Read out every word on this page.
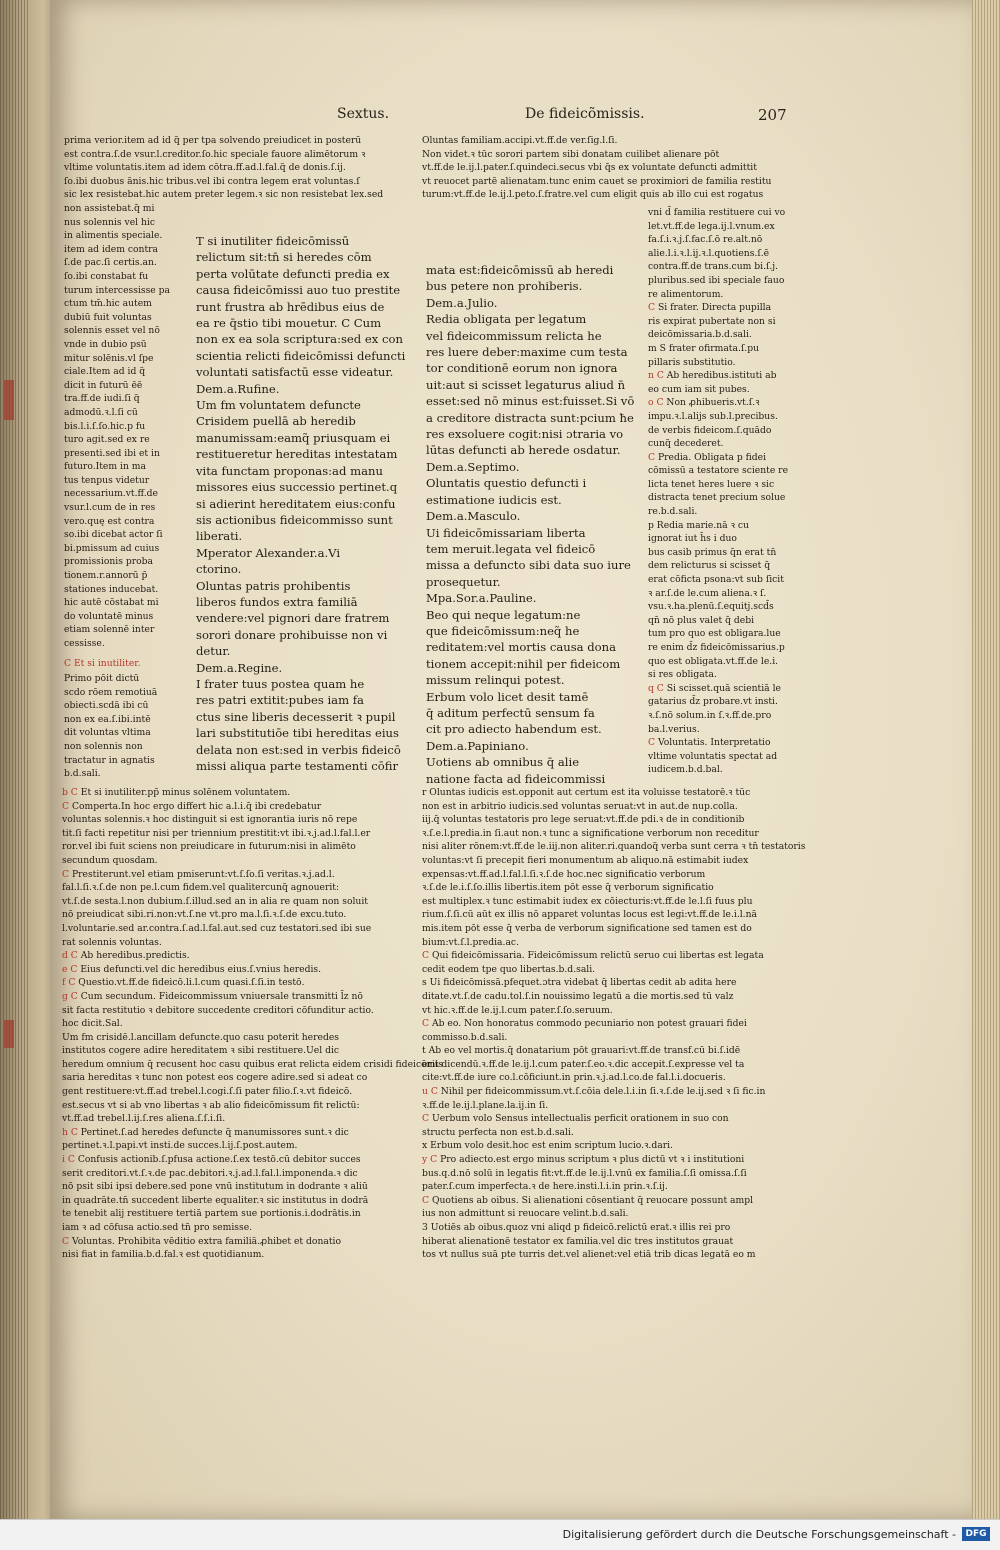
Sextus.	De fideicõmissis.	207

prima verior.item ad id q̃ per tpa solvendo preiudicet in posterū

est contra.ſ.de vsur.l.creditor.ſo.hic speciale fauore alimētorum ꝛ

vltime voluntatis.item ad idem cōtra.ff.ad.l.fal.q̃ de donis.ſ.ij.

ſo.ibi duobus ānis.hic tribus.vel ibi contra legem erat voluntas.ſ

sic lex resistebat.hic autem preter legem.ꝛ sic non resistebat lex.sed

non assistebat.q̄ mi

nus solennis vel hic

in alimentis speciale.

item ad idem contra

ſ.de pac.ſi certis.an.

ſo.ibi constabat fu

turum intercessisse pa

ctum tm̄.hic autem

dubiū fuit voluntas

solennis esset vel nō

vnde in dubio psū

mitur solēnis.vl ſpe

ciale.Item ad id q̃

dicit in futurū ēē

tra.ff.de iudi.ſi q̃

admodū.ꝛ.l.ſi cū

bis.l.i.ſ.ſo.hic.p fu

turo agit.sed ex re

presenti.sed ibi et in

futuro.Item in ma

tus tenpus videtur

necessarium.vt.ff.de

vsur.l.cum de in res

vero.quę est contra

so.ibi dicebat actor ſi

bi.pmissum ad cuius

promissionis proba

tionem.r.annorū p̄

stationes inducebat.

hic autē cōstabat mi

do voluntatē minus

etiam solennē inter

cessisse.

C Et si inutiliter.

Primo pōit dictū

scdo rōem remotiuā

obiecti.scdā ibi cū

non ex ea.ſ.ibi.intē

dit voluntas vltima

non solennis non

tractatur in agnatis

b.d.sali.

T si inutiliter fideicōmissū

relictum sit:tn̄ si heredes cōm

perta volūtate defuncti predia ex

causa fideicōmissi auo tuo prestite

runt frustra ab hrēdibus eius de

ea re q̄stio tibi mouetur. C Cum

non ex ea sola scriptura:sed ex con

scientia relicti fideicōmissi defuncti

voluntati satisfactū esse videatur.

Dem.a.Rufine.

Um fm voluntatem defuncte

Crisidem puellā ab heredib

manumissam:eamq̃ priusquam ei

restitueretur hereditas intestatam

vita functam proponas:ad manu

missores eius successio pertinet.q

si adierint hereditatem eius:confu

sis actionibus fideicommisso sunt

liberati.

Mperator Alexander.a.Vi

ctorino.

Oluntas patris prohibentis

liberos fundos extra familiā

vendere:vel pignori dare fratrem

sorori donare prohibuisse non vi

detur.

Dem.a.Regine.

I frater tuus postea quam he

res patri extitit:pubes iam fa

ctus sine liberis decesserit ꝛ pupil

lari substitutiōe tibi hereditas eius

delata non est:sed in verbis fideicō

missi aliqua parte testamenti cōfir

Oluntas familiam.accipi.vt.ff.de ver.ſig.l.ſi.

Non videt.ꝛ tūc sorori partem sibi donatam cuilibet alienare pōt

vt.ff.de le.ij.l.pater.ſ.quindeci.secus vbi q̄s ex voluntate defuncti admittit

vt reuocet partē alienatam.tunc enim cauet se proximiori de familia restitu

turum:vt.ff.de le.ij.l.peto.ſ.fratre.vel cum eligit quis ab illo cui est rogatus

mata est:fideicōmissū ab heredi

bus petere non prohiberis.

Dem.a.Julio.

Redia obligata per legatum

vel fideicommissum relicta he

res luere deber:maxime cum testa

tor conditionē eorum non ignora

uit:aut si scisset legaturus aliud n̄

esset:sed nō minus est:fuisset.Si vō

a creditore distracta sunt:pcium ħe

res exsoluere cogit:nisi ɔtraria vo

lūtas defuncti ab herede osdatur.

Dem.a.Septimo.

Oluntatis questio defuncti i

estimatione iudicis est.

Dem.a.Masculo.

Ui fideicōmissariam liberta

tem meruit.legata vel fideicō

missa a defuncto sibi data suo iure

prosequetur.

Mpa.Sor.a.Pauline.

Beo qui neque legatum:ne

que fideicōmissum:neq̃ he

reditatem:vel mortis causa dona

tionem accepit:nihil per fideicom

missum relinqui potest.

Erbum volo licet desit tamē

q̄ aditum perfectū sensum fa

cit pro adiecto habendum est.

Dem.a.Papiniano.

Uotiens ab omnibus q̄ alie

natione facta ad fideicommissi

vni d̄ familia restituere cui vo

let.vt.ff.de lega.ij.l.vnum.ex

fa.ſ.i.ꝛ.j.ſ.fac.ſ.ō re.alt.nō

alie.l.i.ꝛ.l.ij.ꝛ.l.quotiens.ſ.ē

contra.ff.de trans.cum bi.ſ.j.

pluribus.sed ibi speciale fauo

re alimentorum.

C Si frater. Directa pupilla

ris expirat pubertate non si

deicōmissaria.b.d.sali.

m S frater ofirmata.ſ.pu

pillaris substitutio.

n C Ab heredibus.istituti ab

eo cum iam sit pubes.

o C Non ꝓhibueris.vt.ſ.ꝛ

impu.ꝛ.l.alijs sub.l.precibus.

de verbis fideicom.ſ.quādo

cunq̃ decederet.

C Predia. Obligata p fidei

cōmissū a testatore sciente re

licta tenet heres luere ꝛ sic

distracta tenet precium solue

re.b.d.sali.

p Redia marie.nā ꝛ cu

ignorat iut h̄s i duo

bus casib primus q̄n erat tn̄

dem relicturus si scisset q̄

erat cōficta psona:vt sub ſicit

ꝛ ar.ſ.de le.cum aliena.ꝛ ſ.

vsu.ꝛ.ha.plenū.ſ.equitj.scd̄s

qn̄ nō plus valet q̄ debi

tum pro quo est obligara.lue

re enim d̄z fideicōmissarius.p

quo est obligata.vt.ff.de le.i.

si res obligata.

q C Si scisset.quā scientiā le

gatarius d̄z probare.vt insti.

ꝛ.ſ.nō solum.in ſ.ꝛ.ff.de.pro

ba.l.verius.

C Voluntatis. Interpretatio

vltime voluntatis spectat ad

iudicem.b.d.bal.

b C Et si inutiliter.pp̄ minus solēnem voluntatem.

C Comperta.In hoc ergo differt hic a.l.i.q̄ ibi credebatur

voluntas solennis.ꝛ hoc distinguit si est ignorantia iuris nō repe

tit.ſi facti repetitur nisi per triennium prestitit:vt ibi.ꝛ.j.ad.l.fal.l.er

ror.vel ibi fuit sciens non preiudicare in futurum:nisi in alimēto

secundum quosdam.

C Prestiterunt.vel etiam pmiserunt:vt.ſ.ſo.ſi veritas.ꝛ.j.ad.l.

fal.l.ſi.ꝛ.ſ.de non pe.l.cum fidem.vel qualitercunq̃ agnouerit:

vt.ſ.de sesta.l.non dubium.ſ.illud.sed an in alia re quam non soluit

nō preiudicat sibi.ri.non:vt.ſ.ne vt.pro ma.l.ſi.ꝛ.ſ.de excu.tuto.

l.voluntarie.sed ar.contra.ſ.ad.l.fal.aut.sed cuz testatori.sed ibi sue

rat solennis voluntas.

d C Ab heredibus.predictis.

e C Eius defuncti.vel dic heredibus eius.ſ.vnius heredis.

f C Questio.vt.ff.de fideicō.li.l.cum quasi.ſ.ſi.in testō.

g C Cum secundum. Fideicommissum vniuersale transmitti l̄z nō

sit facta restitutio ꝛ debitore succedente creditori cōfunditur actio.

hoc dicit.Sal.

Um fm crisidē.l.ancillam defuncte.quo casu poterit heredes

institutos cogere adire hereditatem ꝛ sibi restituere.Uel dic

heredum omnium q̄ recusent hoc casu quibus erat relicta eidem crisidi fideicōmis

saria hereditas ꝛ tunc non potest eos cogere adire.sed si adeat co

gent restituere:vt.ff.ad trebel.l.cogi.ſ.ſi pater filio.ſ.ꝛ.vt fideicō.

est.secus vt si ab vno libertas ꝛ ab alio fideicōmissum fit relictū:

vt.ff.ad trebel.l.ij.ſ.res aliena.ſ.ſ.i.ſi.

h C Pertinet.ſ.ad heredes defuncte q̄ manumissores sunt.ꝛ dic

pertinet.ꝛ.l.papi.vt insti.de succes.l.ij.ſ.post.autem.

i C Confusis actionib.ſ.pfusa actione.ſ.ex testō.cū debitor succes

serit creditori.vt.ſ.ꝛ.de pac.debitori.ꝛ.j.ad.l.fal.l.imponenda.ꝛ dic

nō psit sibi ipsi debere.sed pone vnū institutum in dodrante ꝛ aliū

in quadrāte.tn̄ succedent liberte equaliter.ꝛ sic institutus in dodrā

te tenebit alij restituere tertiā partem sue portionis.i.dodrātis.in

iam ꝛ ad cōfusa actio.sed tn̄ pro semisse.

C Voluntas. Prohibita vēditio extra familiā.ꝓhibet et donatio

nisi fiat in familia.b.d.fal.ꝛ est quotidianum.

r Oluntas iudicis est.opponit aut certum est ita voluisse testatorē.ꝛ tūc

non est in arbitrio iudicis.sed voluntas seruat:vt in aut.de nup.colla.

iij.q̄ voluntas testatoris pro lege seruat:vt.ff.de pdi.ꝛ de in conditionib

ꝛ.ſ.e.l.predia.in ſi.aut non.ꝛ tunc a significatione verborum non receditur

nisi aliter rōnem:vt.ff.de le.iij.non aliter.ri.quandoq̃ verba sunt cerra ꝛ tn̄ testatoris

voluntas:vt ſi precepit fieri monumentum ab aliquo.nā estimabit iudex

expensas:vt.ff.ad.l.fal.l.ſi.ꝛ.ſ.de hoc.nec significatio verborum

ꝛ.ſ.de le.i.ſ.ſo.illis libertis.item pōt esse q̄ verborum significatio

est multiplex.ꝛ tunc estimabit iudex ex cōiecturis:vt.ff.de le.l.ſi fuus plu

rium.ſ.ſi.cū aūt ex illis nō apparet voluntas locus est legi:vt.ff.de le.i.l.nā

mis.item pōt esse q̄ verba de verborum significatione sed tamen est do

bium:vt.ſ.l.predia.ac.

C Qui fideicōmissaria. Fideicōmissum relictū seruo cui libertas est legata

cedit eodem tpe quo libertas.b.d.sali.

s Ui fideicōmissā.pfequet.ɔtra videbat q̄ libertas cedit ab adita here

ditate.vt.ſ.de cadu.tol.ſ.in nouissimo legatū a die mortis.sed tū valz

vt hic.ꝛ.ff.de le.ij.l.cum pater.ſ.ſo.seruum.

C Ab eo. Non honoratus commodo pecuniario non potest grauari fidei

commisso.b.d.sali.

t Ab eo vel mortis.q̄ donatarium pōt grauari:vt.ff.de transf.cū bi.ſ.idē

erit dicendū.ꝛ.ff.de le.ij.l.cum pater.ſ.eo.ꝛ.dic accepit.ſ.expresse vel ta

cite:vt.ff.de iure co.l.cōficiunt.in prin.ꝛ.j.ad.l.co.de fal.l.i.docueris.

u C Nihil per fideicommissum.vt.ſ.cōia dele.l.i.in ſi.ꝛ.ſ.de le.ij.sed ꝛ ſi fic.in

ꝛ.ff.de le.ij.l.plane.la.ij.in ſi.

C Uerbum volo Sensus intellectualis perficit orationem in suo con

structu perfecta non est.b.d.sali.

x Erbum volo desit.hoc est enim scriptum lucio.ꝛ.dari.

y C Pro adiecto.est ergo minus scriptum ꝛ plus dictū vt ꝛ i institutioni

bus.q.d.nō solū in legatis fit:vt.ff.de le.ij.l.vnū ex familia.ſ.ſi omissa.ſ.ſi

pater.ſ.cum imperfecta.ꝛ de here.insti.l.i.in prin.ꝛ.ſ.ij.

C Quotiens ab oibus. Si alienationi cōsentiant q̄ reuocare possunt ampl

ius non admittunt si reuocare velint.b.d.sali.

3 Uotiēs ab oibus.quoz vni aliqd p fideicō.relictū erat.ꝛ illis rei pro

hiberat alienationē testator ex familia.vel dic tres institutos grauat

tos vt nullus suā pte turris det.vel alienet:vel etiā trib dicas legatā eo m

Digitalisierung gefördert durch die Deutsche Forschungsgemeinschaft -	DFG
